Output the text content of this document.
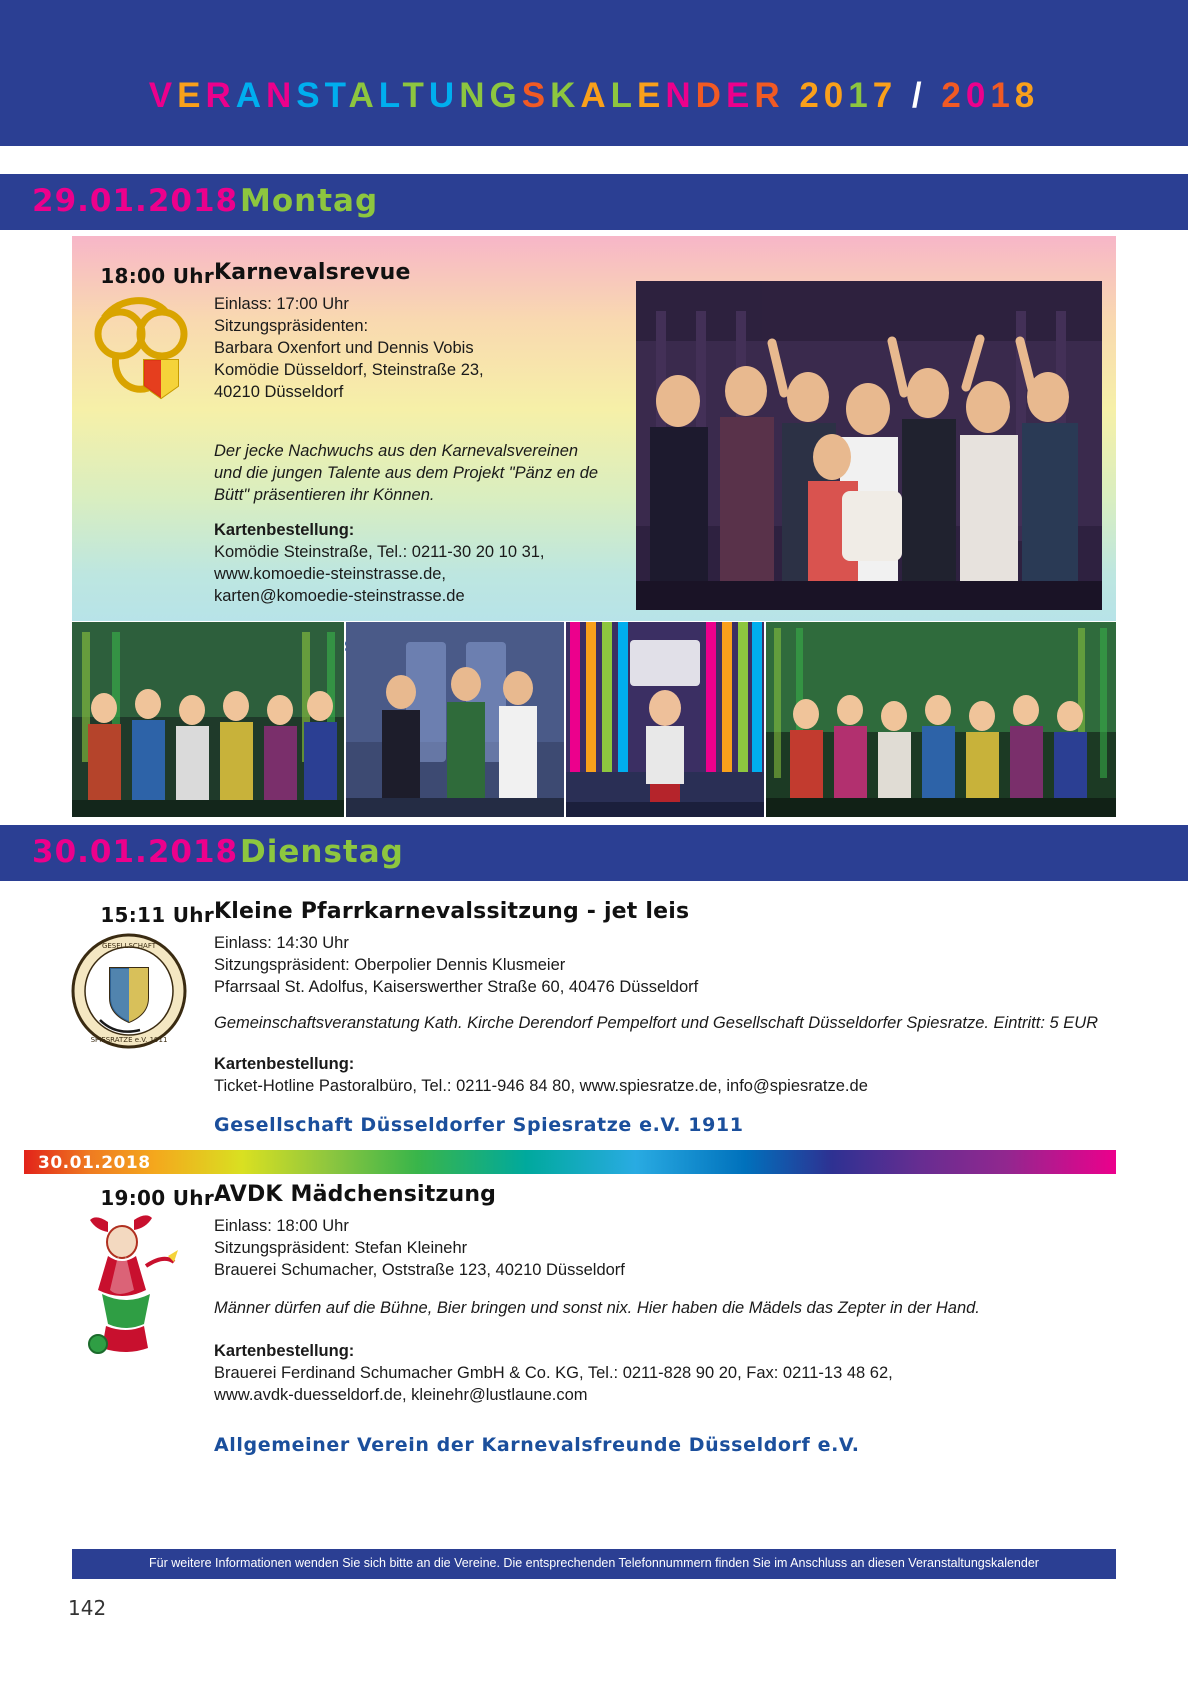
VERANSTALTUNGSKALENDER 2017 / 2018
29.01.2018 Montag
18:00 Uhr Karnevalsrevue
Einlass: 17:00 Uhr
Sitzungspräsidenten:
Barbara Oxenfort und Dennis Vobis
Komödie Düsseldorf, Steinstraße 23,
40210 Düsseldorf
Der jecke Nachwuchs aus den Karnevalsvereinen und die jungen Talente aus dem Projekt "Pänz en de Bütt" präsentieren ihr Können.
Kartenbestellung:
Komödie Steinstraße, Tel.: 0211-30 20 10 31,
www.komoedie-steinstrasse.de,
karten@komoedie-steinstrasse.de
30.01.2018 Dienstag
GESELLSCHAFT
SPIESRATZE e.V. 1911
15:11 Uhr Kleine Pfarrkarnevalssitzung - jet leis
Einlass: 14:30 Uhr
Sitzungspräsident: Oberpolier Dennis Klusmeier
Pfarrsaal St. Adolfus, Kaiserswerther Straße 60, 40476 Düsseldorf
Gemeinschaftsveranstatung Kath. Kirche Derendorf Pempelfort und Gesellschaft Düsseldorfer Spiesratze. Eintritt: 5 EUR
Kartenbestellung:
Ticket-Hotline Pastoralbüro, Tel.: 0211-946 84 80, www.spiesratze.de, info@spiesratze.de
Gesellschaft Düsseldorfer Spiesratze e.V. 1911
30.01.2018
19:00 Uhr AVDK Mädchensitzung
Einlass: 18:00 Uhr
Sitzungspräsident: Stefan Kleinehr
Brauerei Schumacher, Oststraße 123, 40210 Düsseldorf
Männer dürfen auf die Bühne, Bier bringen und sonst nix. Hier haben die Mädels das Zepter in der Hand.
Kartenbestellung:
Brauerei Ferdinand Schumacher GmbH & Co. KG, Tel.: 0211-828 90 20, Fax: 0211-13 48 62,
www.avdk-duesseldorf.de, kleinehr@lustlaune.com
Allgemeiner Verein der Karnevalsfreunde Düsseldorf e.V.
Für weitere Informationen wenden Sie sich bitte an die Vereine. Die entsprechenden Telefonnummern finden Sie im Anschluss an diesen Veranstaltungskalender
142
